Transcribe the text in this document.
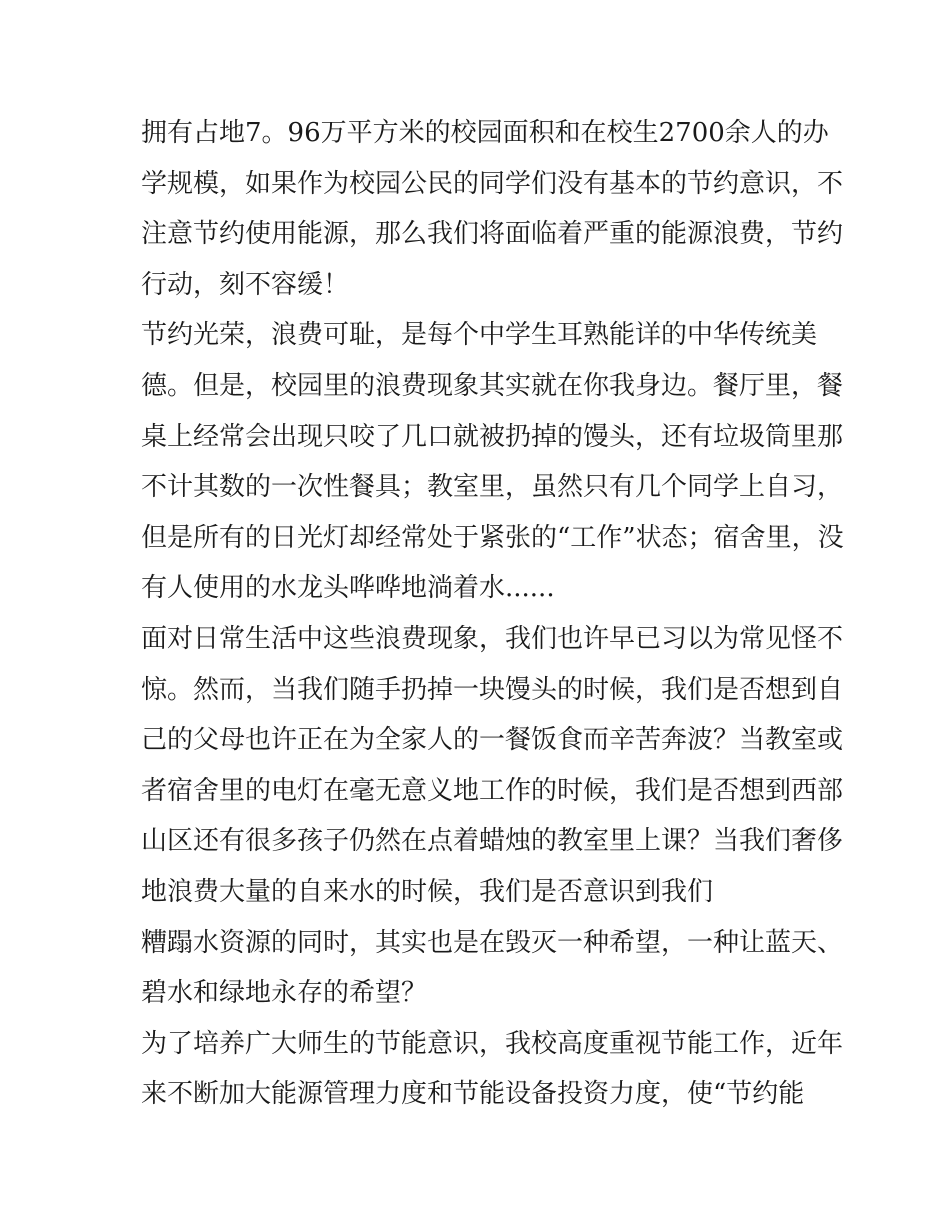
拥有占地7。96万平方米的校园面积和在校生2700余人的办
学规模，如果作为校园公民的同学们没有基本的节约意识，不
注意节约使用能源，那么我们将面临着严重的能源浪费，节约
行动，刻不容缓！
节约光荣，浪费可耻，是每个中学生耳熟能详的中华传统美
德。但是，校园里的浪费现象其实就在你我身边。餐厅里，餐
桌上经常会出现只咬了几口就被扔掉的馒头，还有垃圾筒里那
不计其数的一次性餐具；教室里，虽然只有几个同学上自习，
但是所有的日光灯却经常处于紧张的“工作”状态；宿舍里，没
有人使用的水龙头哗哗地淌着水......
面对日常生活中这些浪费现象，我们也许早已习以为常见怪不
惊。然而，当我们随手扔掉一块馒头的时候，我们是否想到自
己的父母也许正在为全家人的一餐饭食而辛苦奔波？当教室或
者宿舍里的电灯在毫无意义地工作的时候，我们是否想到西部
山区还有很多孩子仍然在点着蜡烛的教室里上课？当我们奢侈
地浪费大量的自来水的时候，我们是否意识到我们
糟蹋水资源的同时，其实也是在毁灭一种希望，一种让蓝天、
碧水和绿地永存的希望？
为了培养广大师生的节能意识，我校高度重视节能工作，近年
来不断加大能源管理力度和节能设备投资力度，使“节约能
